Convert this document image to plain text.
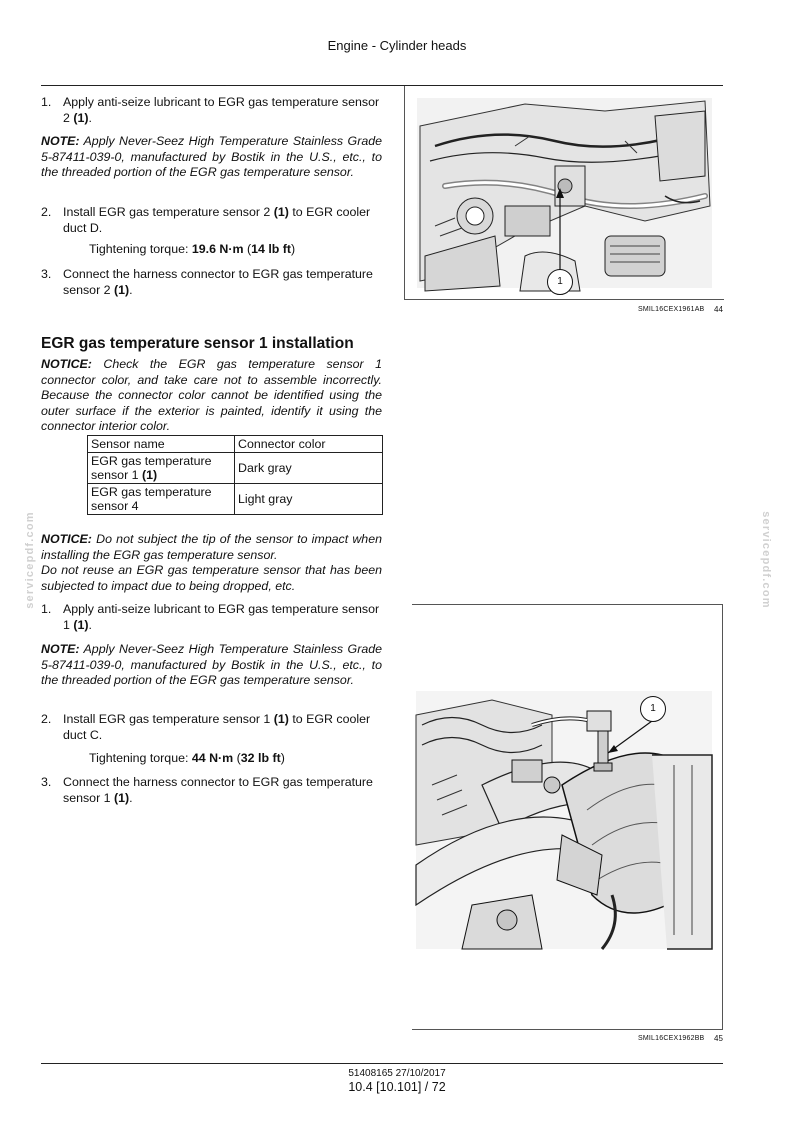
Engine - Cylinder heads
servicepdf.com	servicepdf.com
1. Apply anti-seize lubricant to EGR gas temperature sensor 2 (1).
NOTE: Apply Never-Seez High Temperature Stainless Grade 5-87411-039-0, manufactured by Bostik in the U.S., etc., to the threaded portion of the EGR gas temperature sensor.
2. Install EGR gas temperature sensor 2 (1) to EGR cooler duct D.
Tightening torque: 19.6 N·m (14 lb ft)
3. Connect the harness connector to EGR gas temperature sensor 2 (1).
1
SMIL16CEX1961AB 44
EGR gas temperature sensor 1 installation
NOTICE: Check the EGR gas temperature sensor 1 connector color, and take care not to assemble incorrectly. Because the connector color cannot be identified using the outer surface if the exterior is painted, identify it using the connector interior color.
Sensor name	Connector color
EGR gas temperature sensor 1 (1)	Dark gray
EGR gas temperature sensor 4	Light gray
NOTICE: Do not subject the tip of the sensor to impact when installing the EGR gas temperature sensor.
Do not reuse an EGR gas temperature sensor that has been subjected to impact due to being dropped, etc.
1. Apply anti-seize lubricant to EGR gas temperature sensor 1 (1).
NOTE: Apply Never-Seez High Temperature Stainless Grade 5-87411-039-0, manufactured by Bostik in the U.S., etc., to the threaded portion of the EGR gas temperature sensor.
2. Install EGR gas temperature sensor 1 (1) to EGR cooler duct C.
Tightening torque: 44 N·m (32 lb ft)
3. Connect the harness connector to EGR gas temperature sensor 1 (1).
1
SMIL16CEX1962BB 45
51408165 27/10/2017
10.4 [10.101] / 72
